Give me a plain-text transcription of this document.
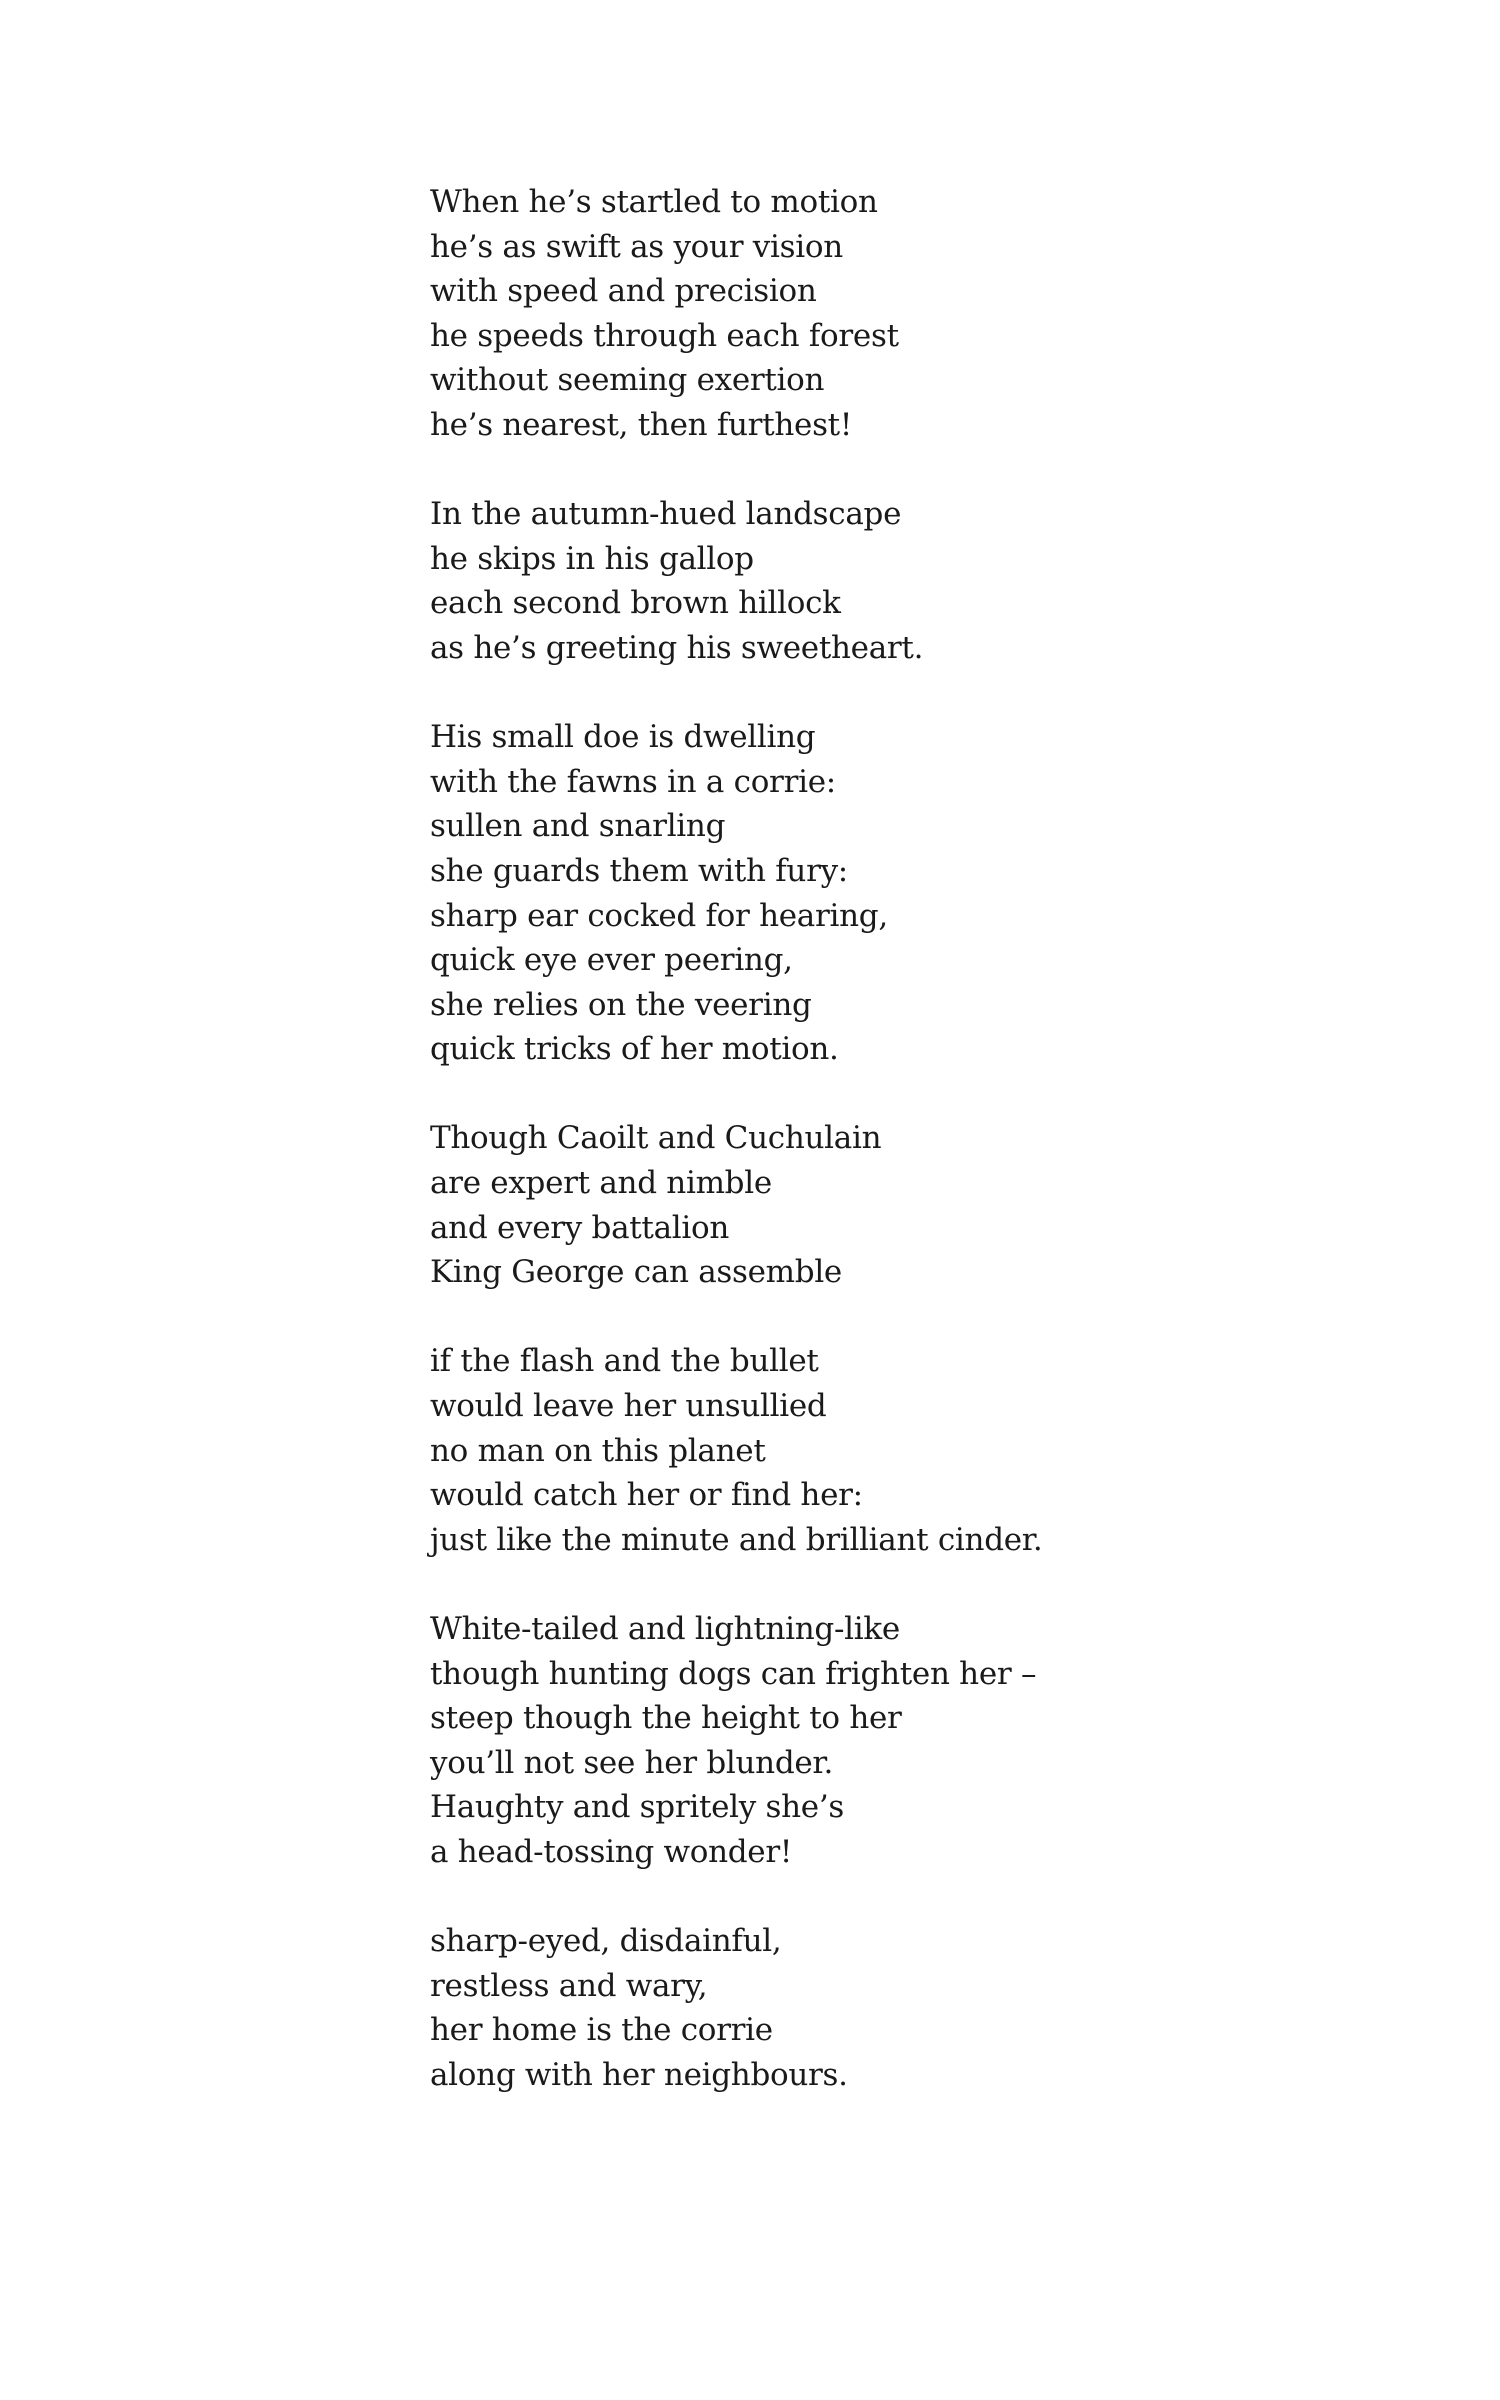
When he’s startled to motion
he’s as swift as your vision
with speed and precision
he speeds through each forest
without seeming exertion
he’s nearest, then furthest!
In the autumn-hued landscape
he skips in his gallop
each second brown hillock
as he’s greeting his sweetheart.
His small doe is dwelling
with the fawns in a corrie:
sullen and snarling
she guards them with fury:
sharp ear cocked for hearing,
quick eye ever peering,
she relies on the veering
quick tricks of her motion.
Though Caoilt and Cuchulain
are expert and nimble
and every battalion
King George can assemble
if the flash and the bullet
would leave her unsullied
no man on this planet
would catch her or find her:
just like the minute and brilliant cinder.
White-tailed and lightning-like
though hunting dogs can frighten her –
steep though the height to her
you’ll not see her blunder.
Haughty and spritely she’s
a head-tossing wonder!
sharp-eyed, disdainful,
restless and wary,
her home is the corrie
along with her neighbours.
